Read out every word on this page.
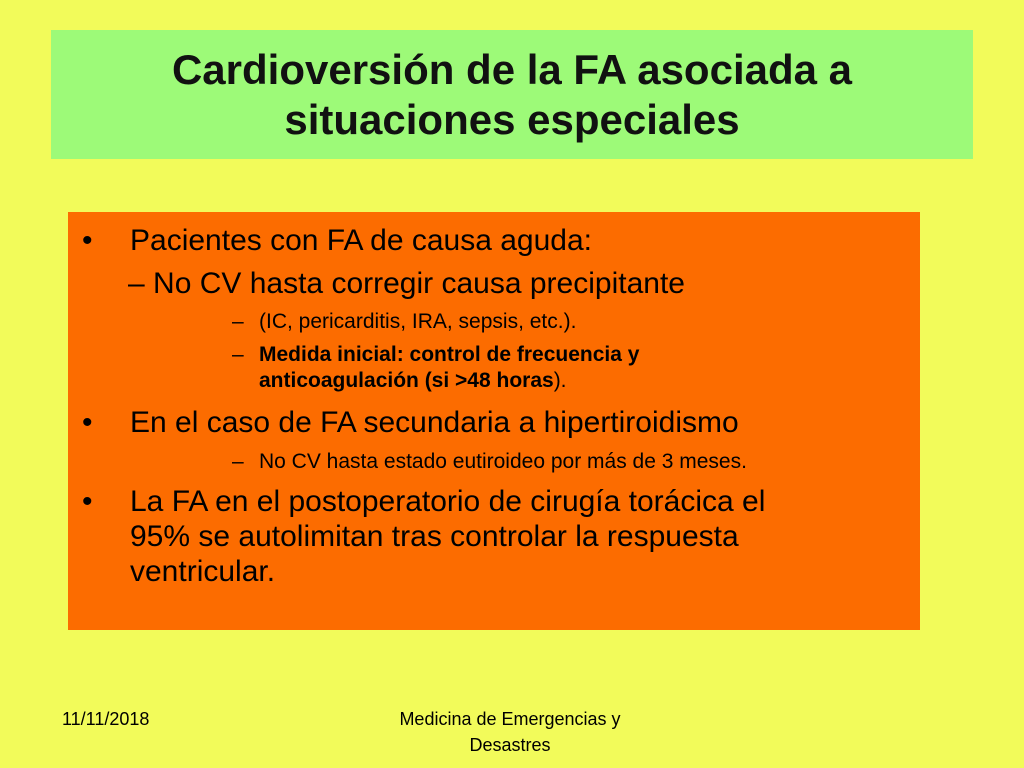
Cardioversión de la FA asociada a
situaciones especiales
• Pacientes con FA de causa aguda:
– No CV hasta corregir causa precipitante
– (IC, pericarditis, IRA, sepsis, etc.).
– Medida inicial: control de frecuencia y
anticoagulación (si >48 horas).
• En el caso de FA secundaria a hipertiroidismo
– No CV hasta estado eutiroideo por más de 3 meses.
• La FA en el postoperatorio de cirugía torácica el
95% se autolimitan tras controlar la respuesta
ventricular.
11/11/2018	Medicina de Emergencias y
Desastres
